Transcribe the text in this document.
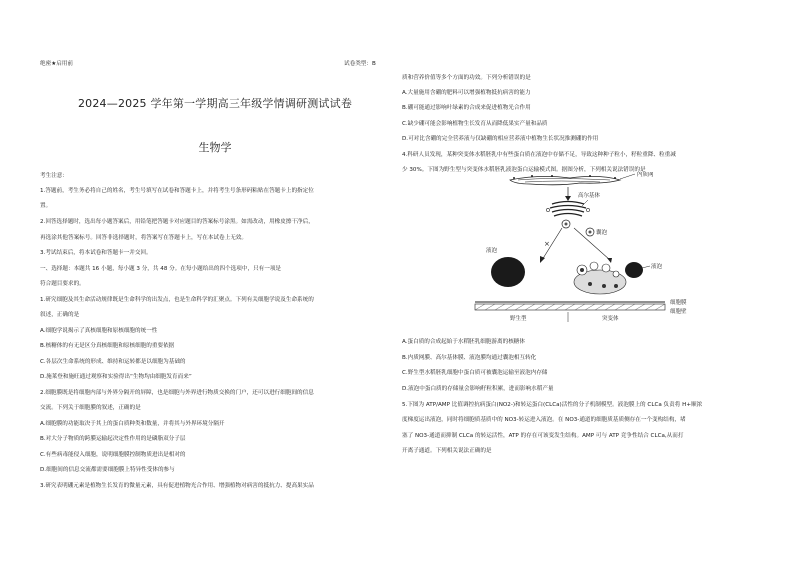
绝密★启用前	试卷类型：B
2024—2025 学年第一学期高三年级学情调研测试试卷
生物学
考生注意：
1.答题前，考生务必将自己的姓名，考生号填写在试卷和答题卡上，并将考生号条形码粘贴在答题卡上的指定位
置。
2.回答选择题时，选出每小题答案后，用铅笔把答题卡对应题目的答案标号涂黑。如需改动，用橡皮擦干净后，
再选涂其他答案标号。回答非选择题时，将答案写在答题卡上，写在本试卷上无效。
3.考试结束后，将本试卷和答题卡一并交回。
一、选择题：本题共 16 小题，每小题 3 分，共 48 分。在每小题给出的四个选项中，只有一项是
符合题目要求的。
1.研究细胞及其生命活动规律既是生命科学的出发点，也是生命科学的汇聚点。下列有关细胞学说及生命系统的
叙述，正确的是
A.细胞学说揭示了真核细胞和原核细胞的统一性
B.核糖体的有无是区分真核细胞和原核细胞的重要依据
C.各层次生命系统的形成、维持和运转都是以细胞为基础的
D.施莱登和施旺通过观察和实验得出“生物均由细胞发育而来”
2.细胞膜既是将细胞内部与外界分隔开的屏障，也是细胞与外界进行物质交换的门户，还可以进行细胞间的信息
交流。下列关于细胞膜的叙述，正确的是
A.细胞膜的功能取决于其上的蛋白质种类和数量，并将其与外界环境分隔开
B.对大分子物质的跨膜运输起决定性作用的是磷脂双分子层
C.有些病毒能侵入细胞，说明细胞膜控制物质进出是相对的
D.细胞间的信息交流都需要细胞膜上特异性受体的参与
3.研究表明硼元素是植物生长发育的微量元素，具有促进植物光合作用、增强植物对病害的抵抗力、提高果实品
质和营养价值等多个方面的功效。下列分析错误的是
A.大量施用含硼的肥料可以增强植物抵抗病害的能力
B.硼可能通过影响叶绿素的合成来促进植物光合作用
C.缺少硼可能会影响植物生长发育从而降低果实产量和品质
D.可对比含硼的完全营养液与仅缺硼的相应营养液中植物生长状况推测硼的作用
4.科研人员发现，某种突变体水稻胚乳中有些蛋白质在液泡中存储不足，导致这种种子粒小，籽粒重降、粒重减
少 30%。下图为野生型与突变体水稻胚乳液泡蛋白运输模式图。据图分析，下列相关说法错误的是
A.蛋白质的合成起始于水稻胚乳细胞游离的核糖体
B.内质网膜、高尔基体膜、液泡膜均通过囊泡相互转化
C.野生型水稻胚乳细胞中蛋白质可被囊泡运输至液泡内存储
D.液泡中蛋白质的存储量会影响籽粒积累，进而影响水稻产量
5.下图为 ATP/AMP 比值调控抗病蛋白(NO2-)和转运蛋白(CLCa)活性的分子机制模型。液泡膜上的 CLCa 负责将 H+顺浓
度梯度运出液泡，同时将细胞质基质中的 NO3-转运进入液泡。在 NO3-通道的细胞质基质侧存在一个变构结构，堵
塞了 NO3-通道而抑制 CLCa 的转运活性，ATP 的存在可该变发生结构。AMP 可与 ATP 竞争性结合 CLCa,从而打
开离子通道。下列相关说法正确的是
内质网
高尔基体
囊泡
×
液泡
液泡
细胞膜
细胞壁
野生型	突变体
